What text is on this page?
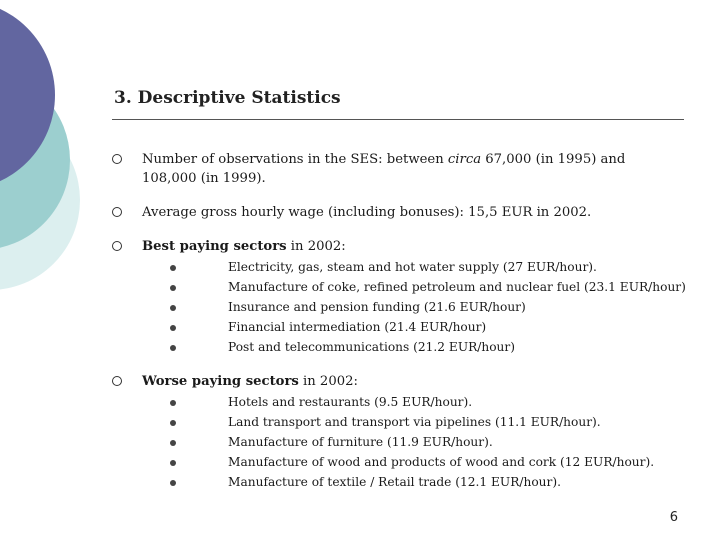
3. Descriptive Statistics
Number of observations in the SES: between circa 67,000 (in 1995) and
108,000 (in 1999).
Average gross hourly wage (including bonuses): 15,5 EUR in 2002.
Best paying sectors in 2002:
Electricity, gas, steam and hot water supply (27 EUR/hour).
Manufacture of coke, refined petroleum and nuclear fuel (23.1 EUR/hour)
Insurance and pension funding (21.6 EUR/hour)
Financial intermediation (21.4 EUR/hour)
Post and telecommunications (21.2 EUR/hour)
Worse paying sectors in 2002:
Hotels and restaurants (9.5 EUR/hour).
Land transport and transport via pipelines (11.1 EUR/hour).
Manufacture of furniture (11.9 EUR/hour).
Manufacture of wood and products of wood and cork (12 EUR/hour).
Manufacture of textile / Retail trade (12.1 EUR/hour).
6
